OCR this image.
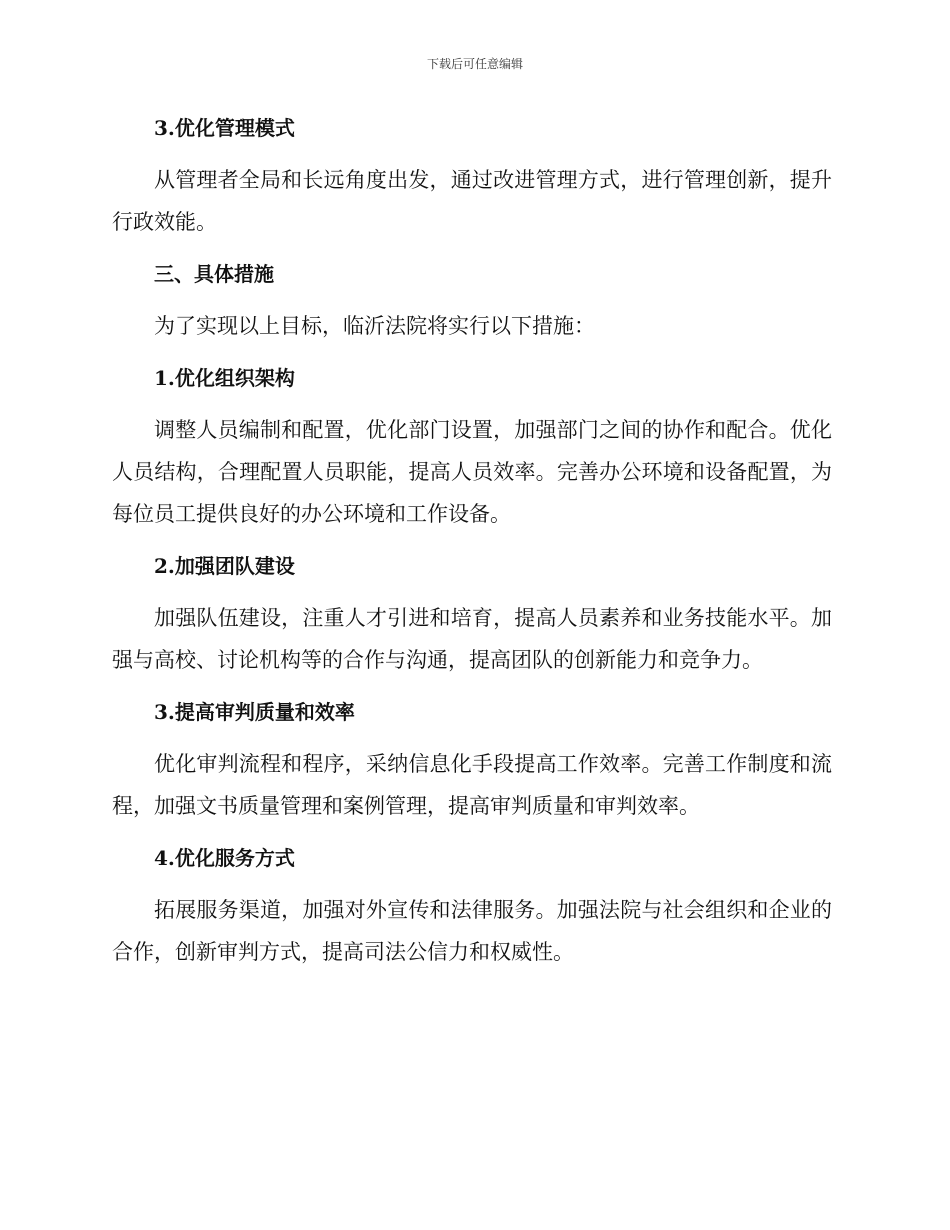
下载后可任意编辑
3.优化管理模式

从管理者全局和长远角度出发，通过改进管理方式，进行管理创新，提升行政效能。

三、具体措施

为了实现以上目标，临沂法院将实行以下措施：

1.优化组织架构

调整人员编制和配置，优化部门设置，加强部门之间的协作和配合。优化人员结构，合理配置人员职能，提高人员效率。完善办公环境和设备配置，为每位员工提供良好的办公环境和工作设备。

2.加强团队建设

加强队伍建设，注重人才引进和培育，提高人员素养和业务技能水平。加强与高校、讨论机构等的合作与沟通，提高团队的创新能力和竞争力。

3.提高审判质量和效率

优化审判流程和程序，采纳信息化手段提高工作效率。完善工作制度和流程，加强文书质量管理和案例管理，提高审判质量和审判效率。

4.优化服务方式

拓展服务渠道，加强对外宣传和法律服务。加强法院与社会组织和企业的合作，创新审判方式，提高司法公信力和权威性。
